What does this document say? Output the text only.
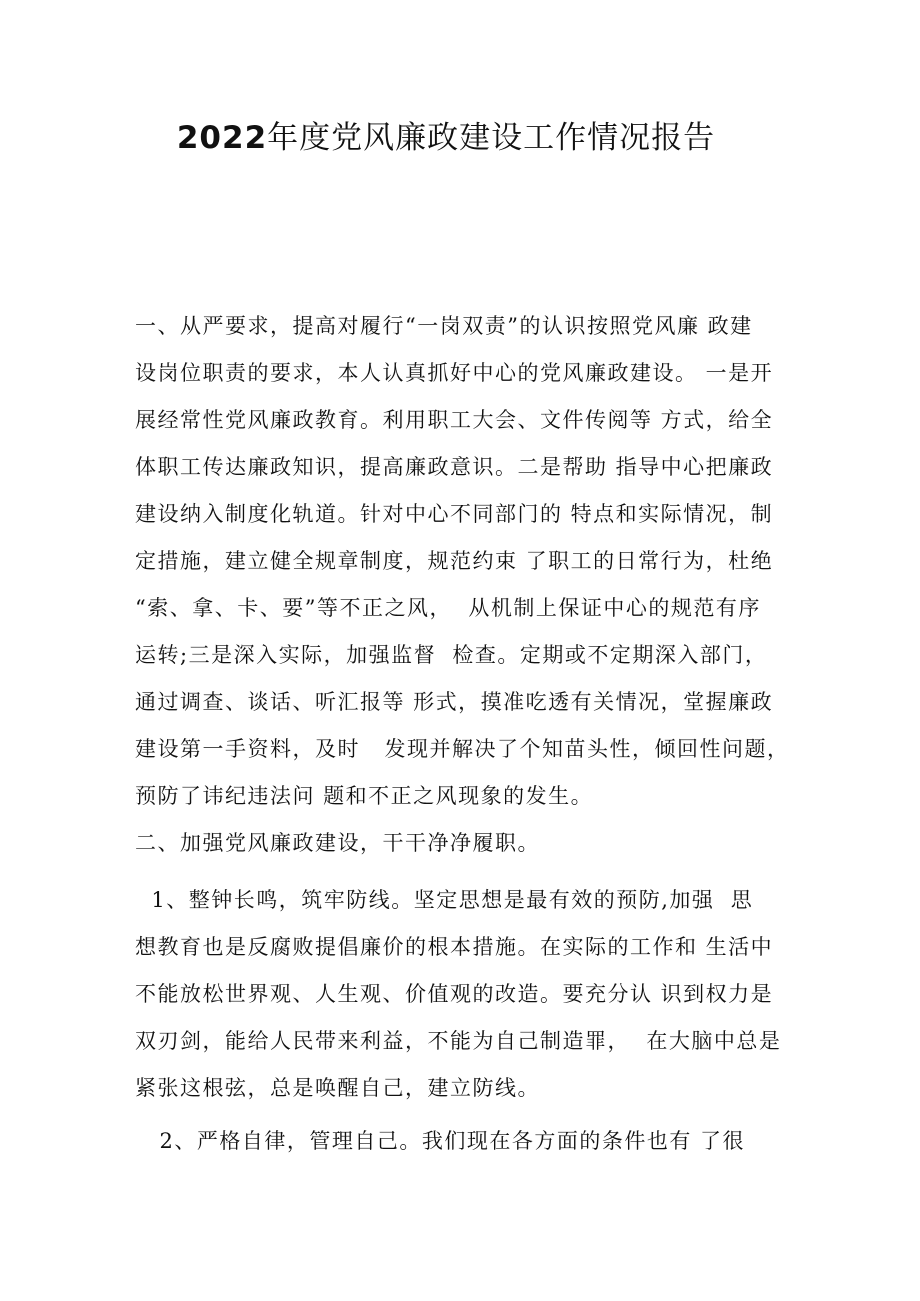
2022年度党风廉政建设工作情况报告
一、从严要求，提高对履行“一岗双责”的认识按照党风廉 政建
设岗位职责的要求，本人认真抓好中心的党风廉政建设。 一是开
展经常性党风廉政教育。利用职工大会、文件传阅等 方式，给全
体职工传达廉政知识，提高廉政意识。二是帮助 指导中心把廉政
建设纳入制度化轨道。针对中心不同部门的 特点和实际情况，制
定措施，建立健全规章制度，规范约束 了职工的日常行为，杜绝
“索、拿、卡、要”等不正之风，  从机制上保证中心的规范有序
运转;三是深入实际，加强监督  检查。定期或不定期深入部门，
通过调查、谈话、听汇报等 形式，摸准吃透有关情况，堂握廉政
建设第一手资料，及时   发现并解决了个知苗头性，倾回性问题，
预防了讳纪违法问 题和不正之风现象的发生。
二、加强党风廉政建设，干干净净履职。
1、整钟长鸣，筑牢防线。坚定思想是最有效的预防,加强  思
想教育也是反腐败提倡廉价的根本措施。在实际的工作和 生活中
不能放松世界观、人生观、价值观的改造。要充分认 识到权力是
双刃剑，能给人民带来利益，不能为自己制造罪，  在大脑中总是
紧张这根弦，总是唤醒自己，建立防线。
2、严格自律，管理自己。我们现在各方面的条件也有 了很
